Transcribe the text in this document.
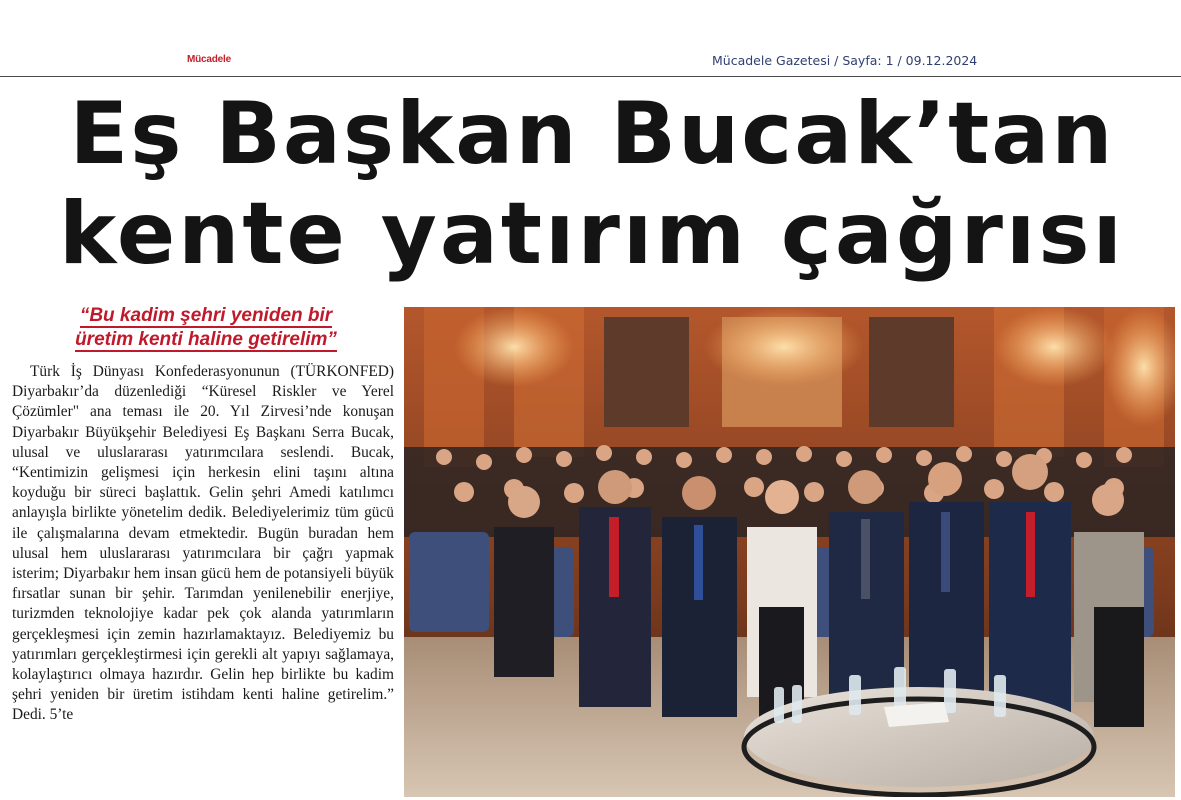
Mücadele	Mücadele Gazetesi / Sayfa: 1 / 09.12.2024
Eş Başkan Bucak’tan
kente yatırım çağrısı
“Bu kadim şehri yeniden bir
üretim kenti haline getirelim”

Türk İş Dünyası Konfederasyonunun (TÜRKONFED) Diyarbakır’da düzenlediği “Küresel Riskler ve Yerel Çözümler" ana teması ile 20. Yıl Zirvesi’nde konuşan Diyarbakır Büyükşehir Belediyesi Eş Başkanı Serra Bucak, ulusal ve uluslararası yatırımcılara seslendi. Bucak, “Kentimizin gelişmesi için herkesin elini taşını altına koyduğu bir süreci başlattık. Gelin şehri Amedi katılımcı anlayışla birlikte yönetelim dedik. Belediyelerimiz tüm gücü ile çalışmalarına devam etmektedir. Bugün buradan hem ulusal hem uluslararası yatırımcılara bir çağrı yapmak isterim; Diyarbakır hem insan gücü hem de potansiyeli büyük fırsatlar sunan bir şehir. Tarımdan yenilenebilir enerjiye, turizmden teknolojiye kadar pek çok alanda yatırımların gerçekleşmesi için zemin hazırlamaktayız. Belediyemiz bu yatırımları gerçekleştirmesi için gerekli alt yapıyı sağlamaya, kolaylaştırıcı olmaya hazırdır. Gelin hep birlikte bu kadim şehri yeniden bir üretim istihdam kenti haline getirelim.” Dedi. 5’te
